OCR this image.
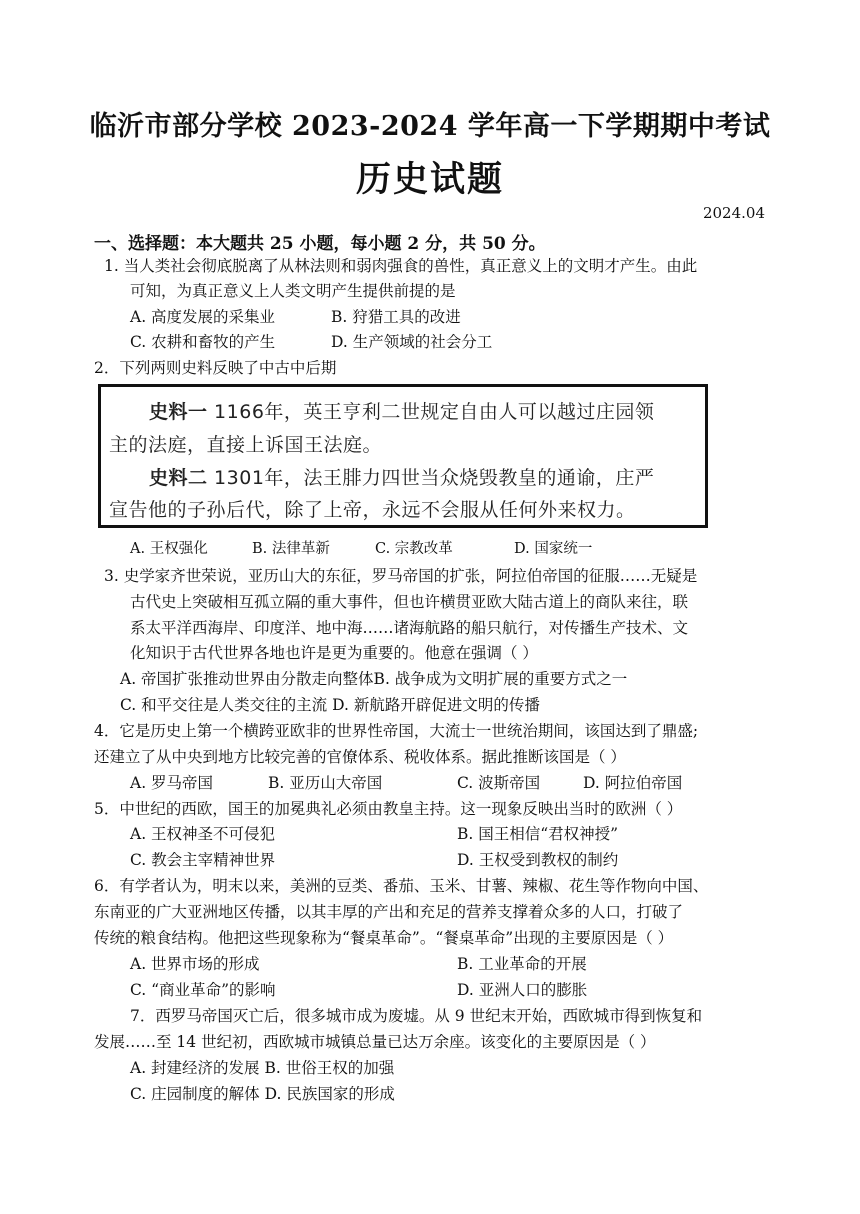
临沂市部分学校 2023-2024 学年高一下学期期中考试
历史试题
2024.04
一、选择题：本大题共 25 小题，每小题 2 分，共 50 分。
1. 当人类社会彻底脱离了从林法则和弱肉强食的兽性，真正意义上的文明才产生。由此
可知，为真正意义上人类文明产生提供前提的是
A. 高度发展的采集业	B. 狩猎工具的改进
C. 农耕和畜牧的产生	D. 生产领域的社会分工
2．下列两则史料反映了中古中后期
史料一 1166年，英王亨利二世规定自由人可以越过庄园领
主的法庭，直接上诉国王法庭。
史料二 1301年，法王腓力四世当众烧毁教皇的通谕，庄严
宣告他的子孙后代，除了上帝，永远不会服从任何外来权力。
A. 王权强化	B. 法律革新	C. 宗教改革	D. 国家统一
3. 史学家齐世荣说，亚历山大的东征，罗马帝国的扩张，阿拉伯帝国的征服……无疑是
古代史上突破相互孤立隔的重大事件，但也许横贯亚欧大陆古道上的商队来往，联
系太平洋西海岸、印度洋、地中海……诸海航路的船只航行，对传播生产技术、文
化知识于古代世界各地也许是更为重要的。他意在强调（ ）
A. 帝国扩张推动世界由分散走向整体B. 战争成为文明扩展的重要方式之一
C. 和平交往是人类交往的主流 D. 新航路开辟促进文明的传播
4．它是历史上第一个横跨亚欧非的世界性帝国，大流士一世统治期间，该国达到了鼎盛;
还建立了从中央到地方比较完善的官僚体系、税收体系。据此推断该国是（ ）
A. 罗马帝国	B. 亚历山大帝国	C. 波斯帝国	D. 阿拉伯帝国
5．中世纪的西欧，国王的加冕典礼必须由教皇主持。这一现象反映出当时的欧洲（ ）
A. 王权神圣不可侵犯	B. 国王相信“君权神授”
C. 教会主宰精神世界	D. 王权受到教权的制约
6．有学者认为，明末以来，美洲的豆类、番茄、玉米、甘薯、辣椒、花生等作物向中国、
东南亚的广大亚洲地区传播，以其丰厚的产出和充足的营养支撑着众多的人口，打破了
传统的粮食结构。他把这些现象称为“餐桌革命”。“餐桌革命”出现的主要原因是（ ）
A. 世界市场的形成	B. 工业革命的开展
C. “商业革命”的影响	D. 亚洲人口的膨胀
7．西罗马帝国灭亡后，很多城市成为废墟。从 9 世纪末开始，西欧城市得到恢复和
发展……至 14 世纪初，西欧城市城镇总量已达万余座。该变化的主要原因是（ ）
A. 封建经济的发展 B. 世俗王权的加强
C. 庄园制度的解体 D. 民族国家的形成
